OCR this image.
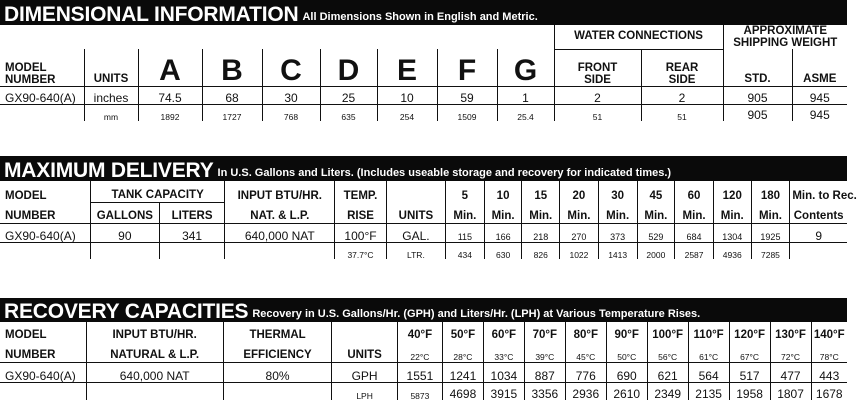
DIMENSIONAL INFORMATION All Dimensions Shown in English and Metric.
									WATER CONNECTIONS		APPROXIMATE
SHIPPING WEIGHT	
MODEL
NUMBER	UNITS	A	B	C	D	E	F	G	FRONT
SIDE	REAR
SIDE	STD.	ASME
GX90-640(A)	inches	74.5	68	30	25	10	59	1	2	2	905	945
	mm	1892	1727	768	635	254	1509	25.4	51	51	905	945
MAXIMUM DELIVERY In U.S. Gallons and Liters. (Includes useable storage and recovery for indicated times.)
MODEL	TANK CAPACITY		INPUT BTU/HR.	TEMP.		5	10	15	20	30	45	60	120	180	Min. to Rec.
NUMBER	GALLONS	LITERS	NAT. & L.P.	RISE	UNITS	Min.	Min.	Min.	Min.	Min.	Min.	Min.	Min.	Min.	Contents
GX90-640(A)	90	341	640,000 NAT	100°F	GAL.	115	166	218	270	373	529	684	1304	1925	9
				37.7°C	LTR.	434	630	826	1022	1413	2000	2587	4936	7285	
RECOVERY CAPACITIES Recovery in U.S. Gallons/Hr. (GPH) and Liters/Hr. (LPH) at Various Temperature Rises.
MODEL	INPUT BTU/HR.	THERMAL		40°F	50°F	60°F	70°F	80°F	90°F	100°F	110°F	120°F	130°F	140°F
NUMBER	NATURAL & L.P.	EFFICIENCY	UNITS	22°C	28°C	33°C	39°C	45°C	50°C	56°C	61°C	67°C	72°C	78°C
GX90-640(A)	640,000 NAT	80%	GPH	1551	1241	1034	887	776	690	621	564	517	477	443
			LPH	5873	4698	3915	3356	2936	2610	2349	2135	1958	1807	1678
